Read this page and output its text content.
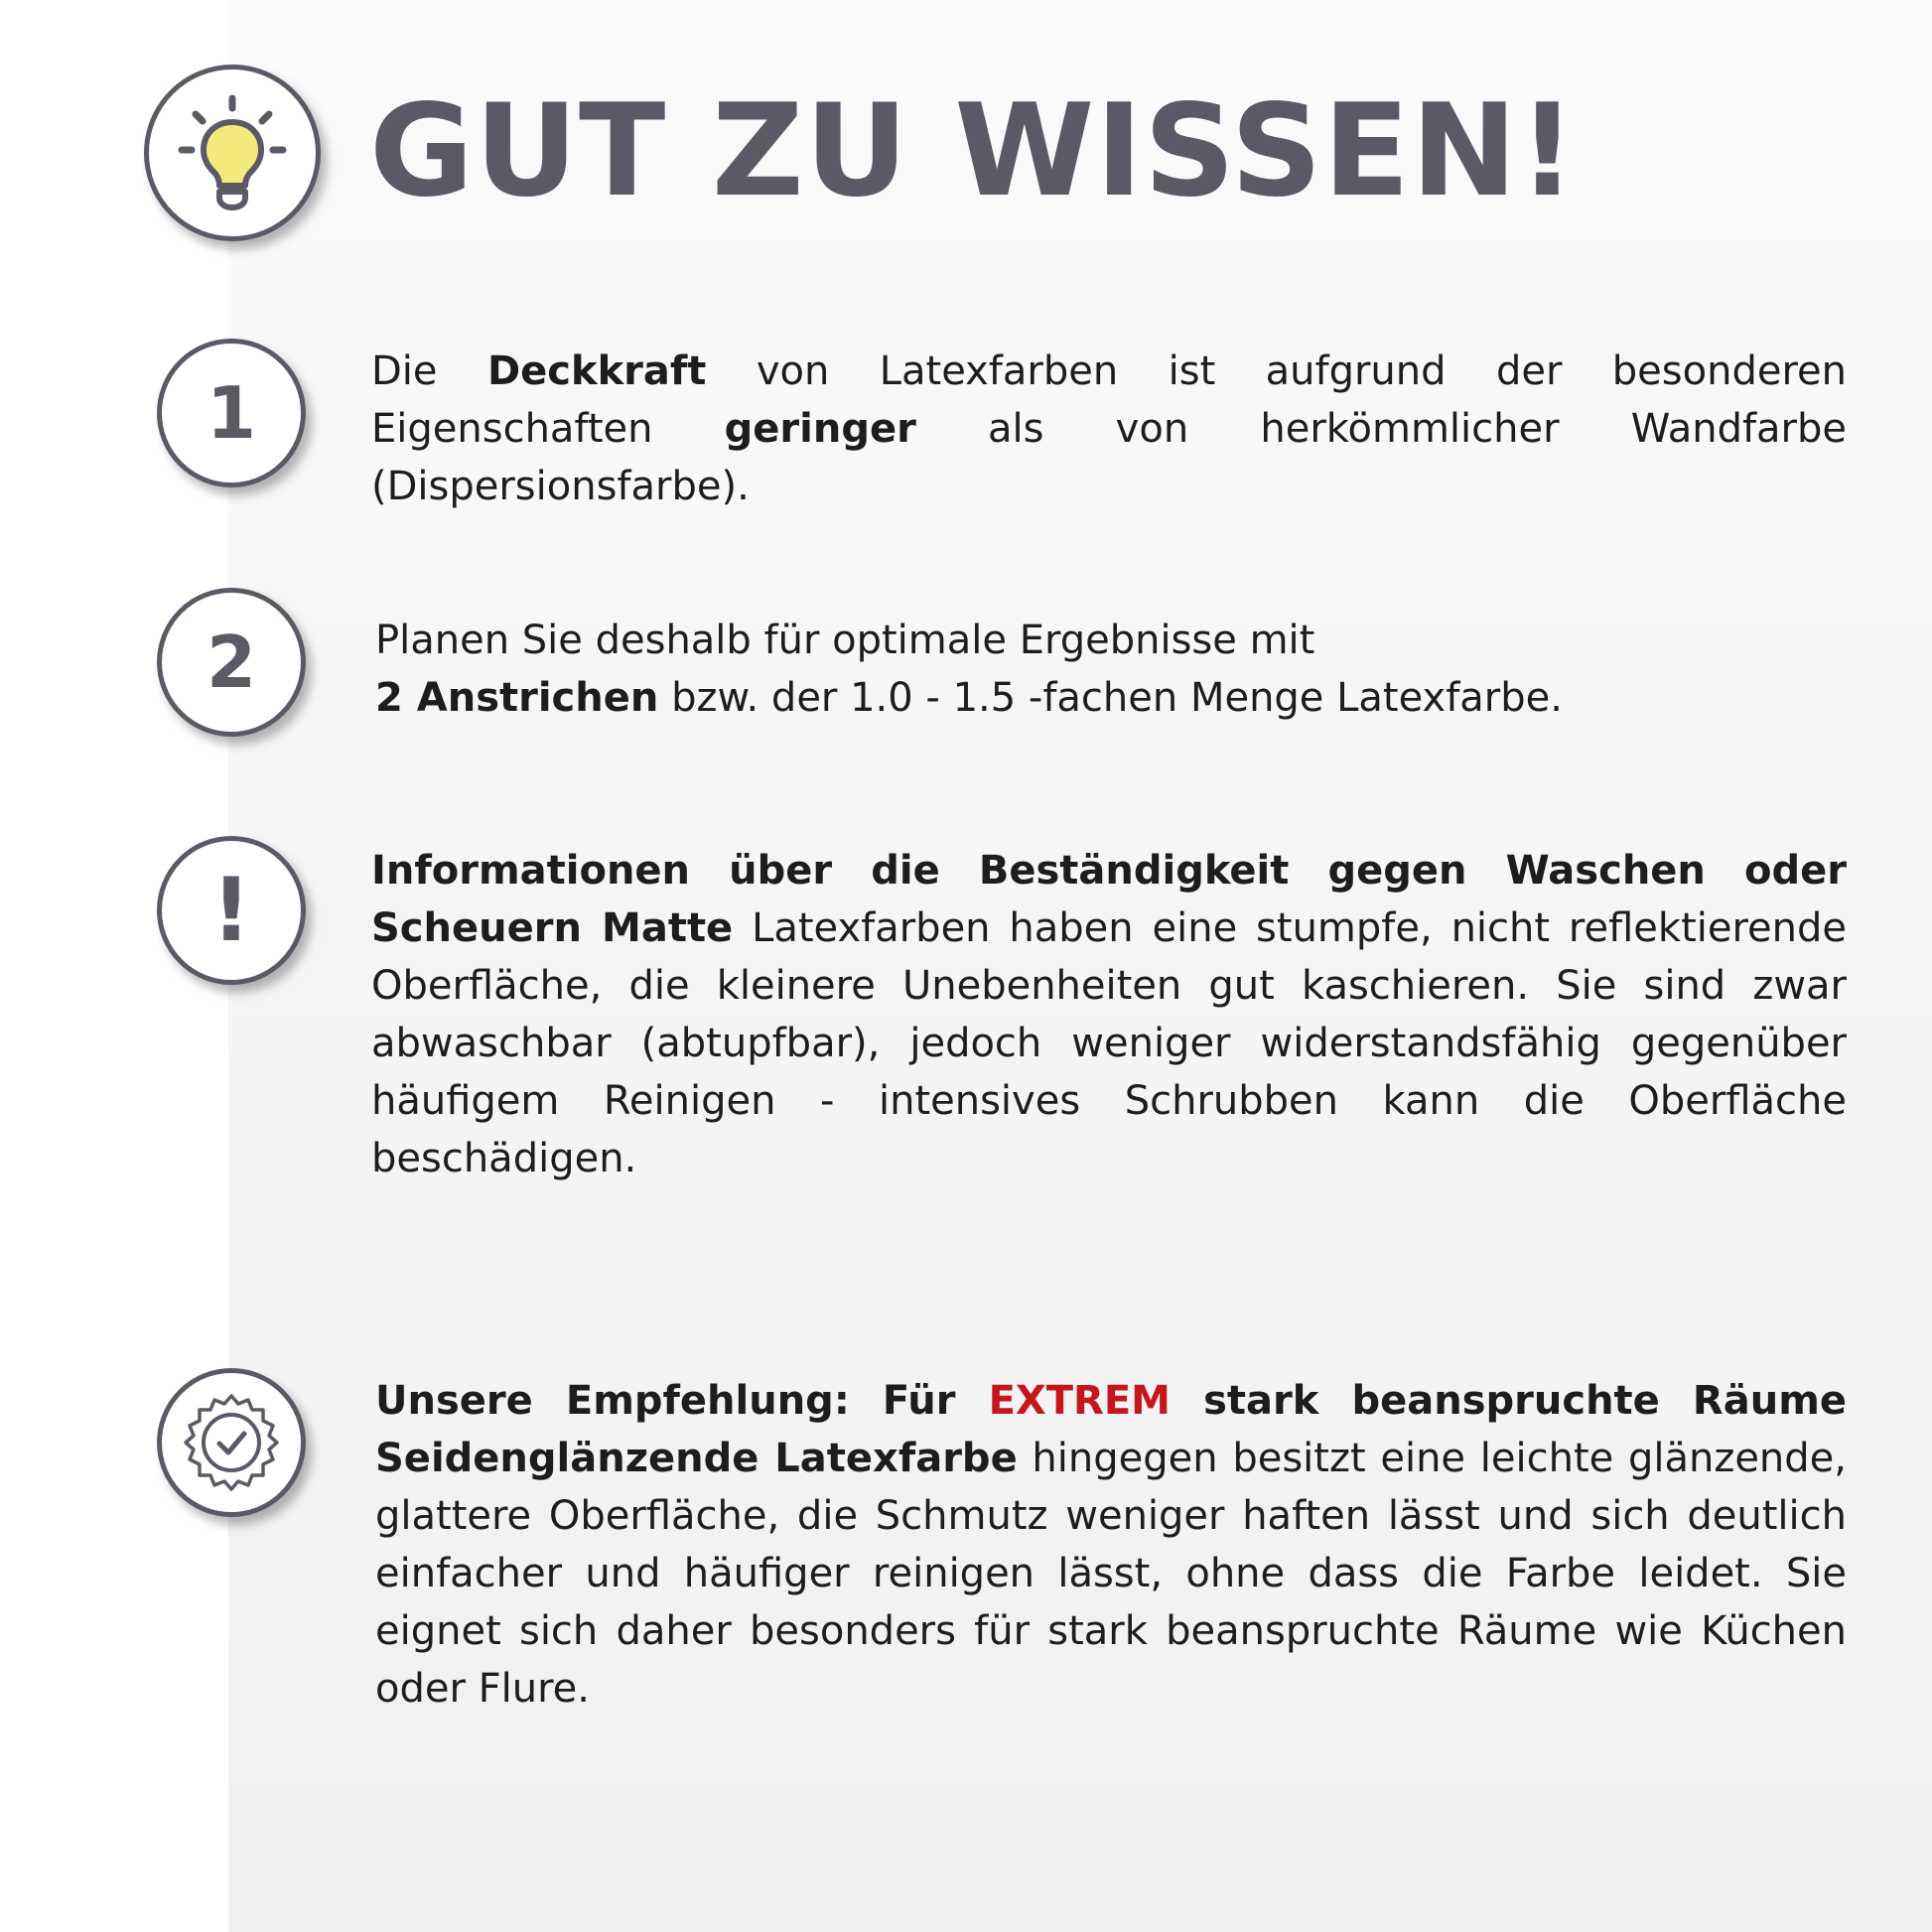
GUT ZU WISSEN!
1	Die Deckkraft von Latexfarben ist aufgrund der besonderen Eigenschaften geringer als von herkömmlicher Wandfarbe (Dispersionsfarbe).

2	Planen Sie deshalb für optimale Ergebnisse mit
2 Anstrichen bzw. der 1.0 - 1.5 -fachen Menge Latexfarbe.

!	Informationen über die Beständigkeit gegen Waschen oder Scheuern Matte Latexfarben haben eine stumpfe, nicht reflektierende Oberfläche, die kleinere Unebenheiten gut kaschieren. Sie sind zwar abwaschbar (abtupfbar), jedoch weniger widerstandsfähig gegenüber häufigem Reinigen - intensives Schrubben kann die Oberfläche beschädigen.

Unsere Empfehlung: Für EXTREM stark beanspruchte Räume Seidenglänzende Latexfarbe hingegen besitzt eine leichte glänzende, glattere Oberfläche, die Schmutz weniger haften lässt und sich deutlich einfacher und häufiger reinigen lässt, ohne dass die Farbe leidet. Sie eignet sich daher besonders für stark beanspruchte Räume wie Küchen oder Flure.
